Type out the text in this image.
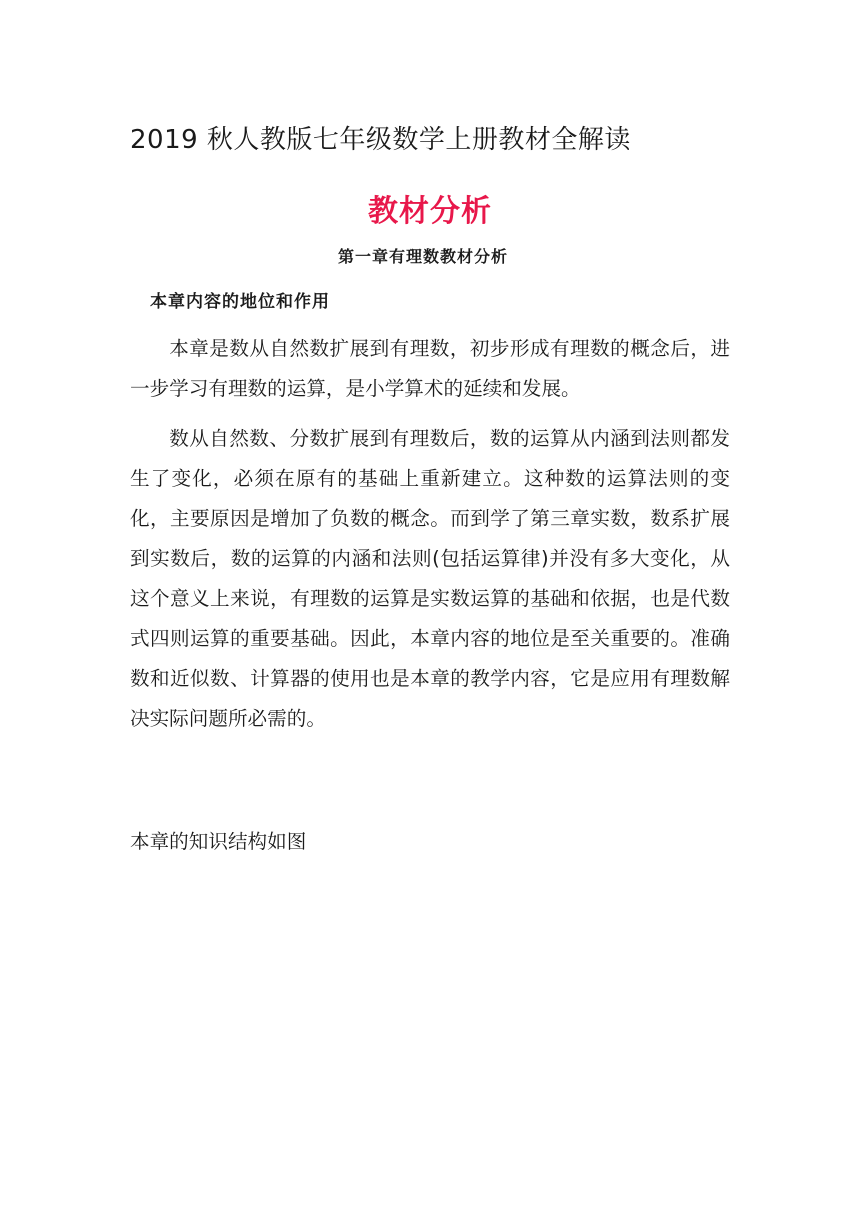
2019 秋人教版七年级数学上册教材全解读
教材分析
第一章有理数教材分析
本章内容的地位和作用
本章是数从自然数扩展到有理数，初步形成有理数的概念后，进一步学习有理数的运算，是小学算术的延续和发展。
数从自然数、分数扩展到有理数后，数的运算从内涵到法则都发生了变化，必须在原有的基础上重新建立。这种数的运算法则的变化，主要原因是增加了负数的概念。而到学了第三章实数，数系扩展到实数后，数的运算的内涵和法则(包括运算律)并没有多大变化，从这个意义上来说，有理数的运算是实数运算的基础和依据，也是代数式四则运算的重要基础。因此，本章内容的地位是至关重要的。准确数和近似数、计算器的使用也是本章的教学内容，它是应用有理数解决实际问题所必需的。
本章的知识结构如图
